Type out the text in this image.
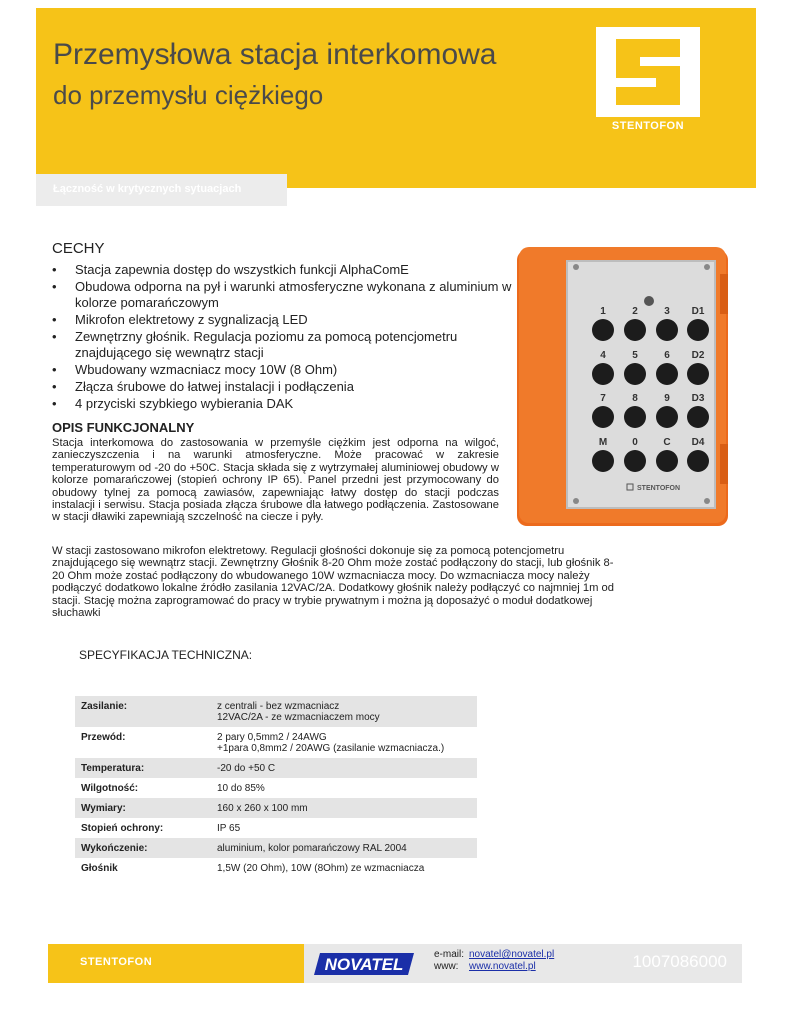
Przemysłowa stacja interkomowa
do przemysłu ciężkiego
Łączność w krytycznych sytuacjach
STENTOFON
CECHY
• Stacja zapewnia dostęp do wszystkich funkcji AlphaComE
• Obudowa odporna na pył i warunki atmosferyczne wykonana z aluminium w kolorze pomarańczowym
• Mikrofon elektretowy z sygnalizacją LED
• Zewnętrzny głośnik. Regulacja poziomu za pomocą potencjometru znajdującego się wewnątrz stacji
• Wbudowany wzmacniacz mocy 10W (8 Ohm)
• Złącza śrubowe do łatwej instalacji i podłączenia
• 4 przyciski szybkiego wybierania DAK
1	2	3 D1
4	5	6 D2
7	8	9 D3
M	0	C D4
STENTOFON
OPIS FUNKCJONALNY
Stacja interkomowa do zastosowania w przemyśle ciężkim jest odporna na wilgoć, zanieczyszczenia i na warunki atmosferyczne. Może pracować w zakresie temperaturowym od -20 do +50C. Stacja składa się z wytrzymałej aluminiowej obudowy w kolorze pomarańczowej (stopień ochrony IP 65). Panel przedni jest przymocowany do obudowy tylnej za pomocą zawiasów, zapewniając łatwy dostęp do stacji podczas instalacji i serwisu. Stacja posiada złącza śrubowe dla łatwego podłączenia. Zastosowane w stacji dławiki zapewniają szczelność na ciecze i pyły.
W stacji zastosowano mikrofon elektretowy. Regulacji głośności dokonuje się za pomocą potencjometru znajdującego się wewnątrz stacji. Zewnętrzny Głośnik 8-20 Ohm może zostać podłączony do stacji, lub głośnik 8-20 Ohm może zostać podłączony do wbudowanego 10W wzmacniacza mocy. Do wzmacniacza mocy należy podłączyć dodatkowo lokalne źródło zasilania 12VAC/2A. Dodatkowy głośnik należy podłączyć co najmniej 1m od stacji. Stację można zaprogramować do pracy w trybie prywatnym i można ją doposażyć o moduł dodatkowej słuchawki
SPECYFIKACJA TECHNICZNA:
Zasilanie:	z centrali - bez wzmacniacz
12VAC/2A - ze wzmacniaczem mocy
Przewód:	2 pary 0,5mm2 / 24AWG
+1para 0,8mm2 / 20AWG (zasilanie wzmacniacza.)
Temperatura:	-20 do +50 C
Wilgotność:	10 do 85%
Wymiary:	160 x 260 x 100 mm
Stopień ochrony:	IP 65
Wykończenie:	aluminium, kolor pomarańczowy RAL 2004
Głośnik	1,5W (20 Ohm), 10W (8Ohm) ze wzmacniacza
STENTOFON	NOVATEL
e-mail: novatel@novatel.pl
www:	www.novatel.pl	1007086000
